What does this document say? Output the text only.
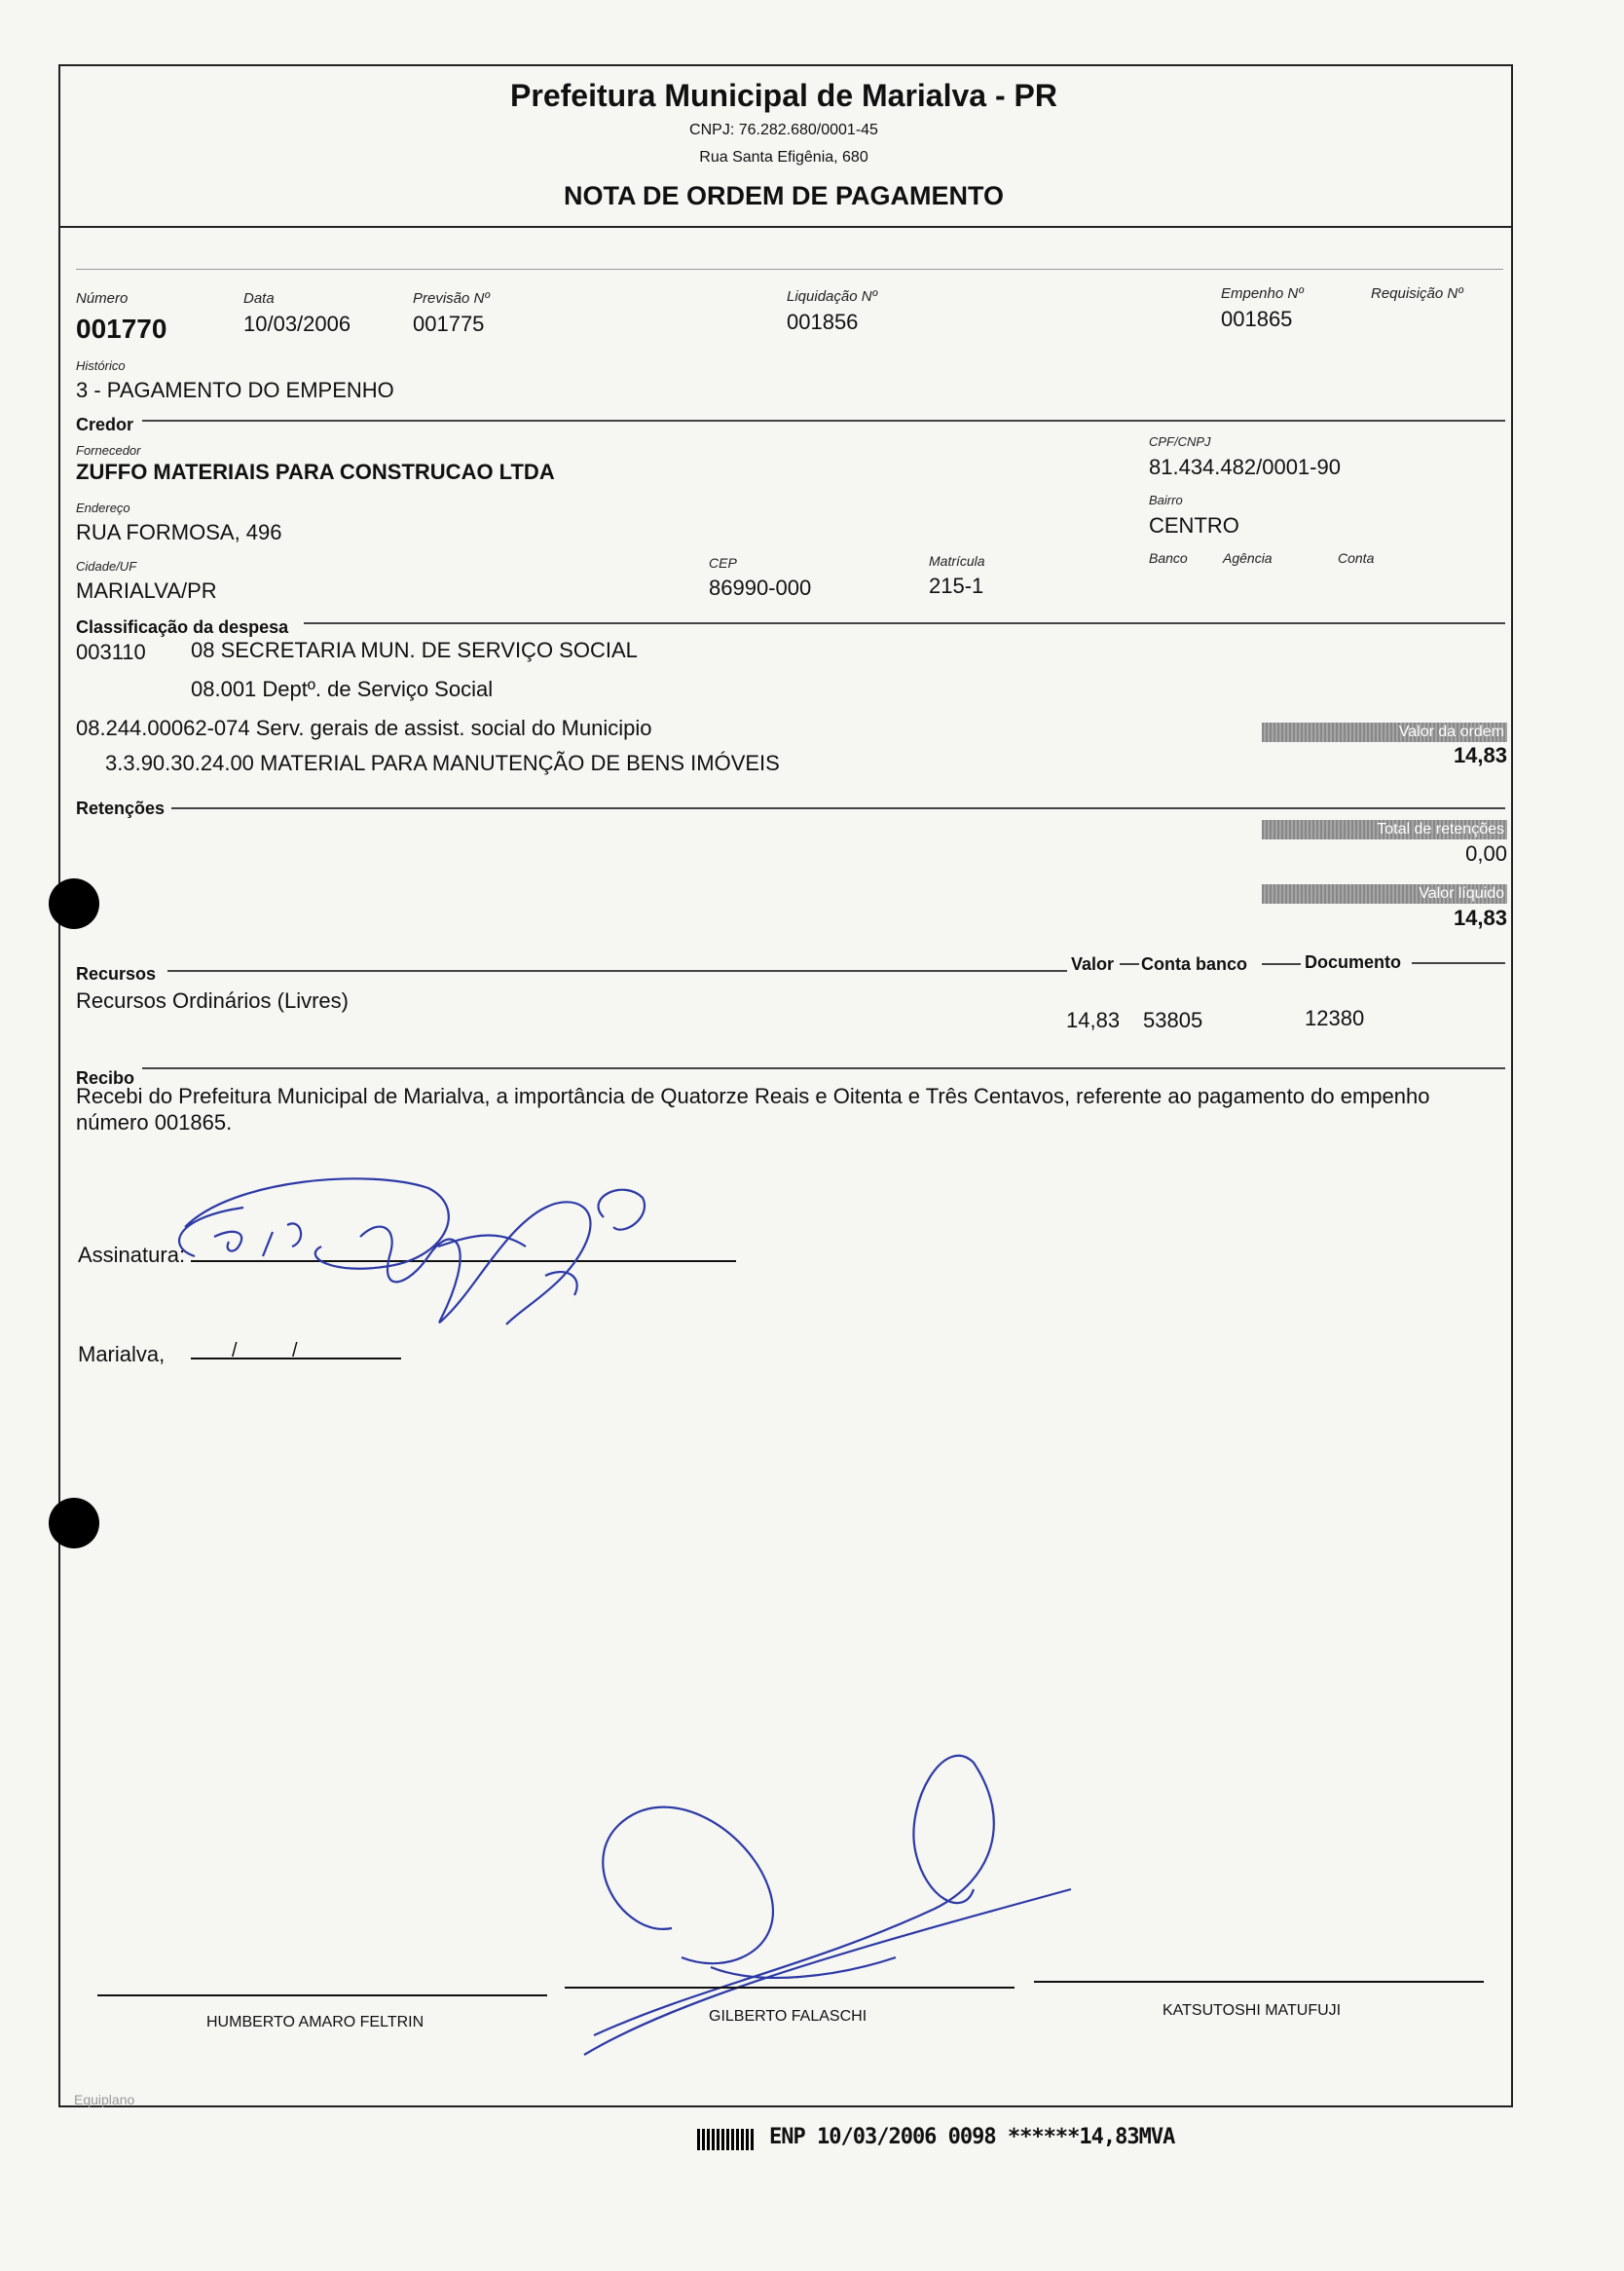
Prefeitura Municipal de Marialva - PR
CNPJ: 76.282.680/0001-45
Rua Santa Efigênia, 680
NOTA DE ORDEM DE PAGAMENTO
Número
001770
Data
10/03/2006
Previsão Nº
001775
Liquidação Nº
001856
Empenho Nº
001865
Requisição Nº
Histórico
3 - PAGAMENTO DO EMPENHO
Credor
Fornecedor
ZUFFO MATERIAIS PARA CONSTRUCAO LTDA
CPF/CNPJ
81.434.482/0001-90
Endereço
RUA FORMOSA, 496
Bairro
CENTRO
Cidade/UF
MARIALVA/PR
CEP
86990-000
Matrícula
215-1
Banco	Agência	Conta
Classificação da despesa
003110 08 SECRETARIA MUN. DE SERVIÇO SOCIAL
08.001 Deptº. de Serviço Social
08.244.00062-074 Serv. gerais de assist. social do Municipio
3.3.90.30.24.00 MATERIAL PARA MANUTENÇÃO DE BENS IMÓVEIS
Valor da ordem
14,83
Retenções
Total de retenções
0,00
Valor líquido
14,83
Recursos	Valor Conta banco	Documento
Recursos Ordinários (Livres)
14,83 53805	12380
Recibo
Recebi do Prefeitura Municipal de Marialva, a importância de Quatorze Reais e Oitenta e Três Centavos, referente ao pagamento do empenho número 001865.
Assinatura:
Marialva,	/	/
HUMBERTO AMARO FELTRIN	GILBERTO FALASCHI	KATSUTOSHI MATUFUJI
Equiplano
ENP 10/03/2006 0098 ******14,83MVA
